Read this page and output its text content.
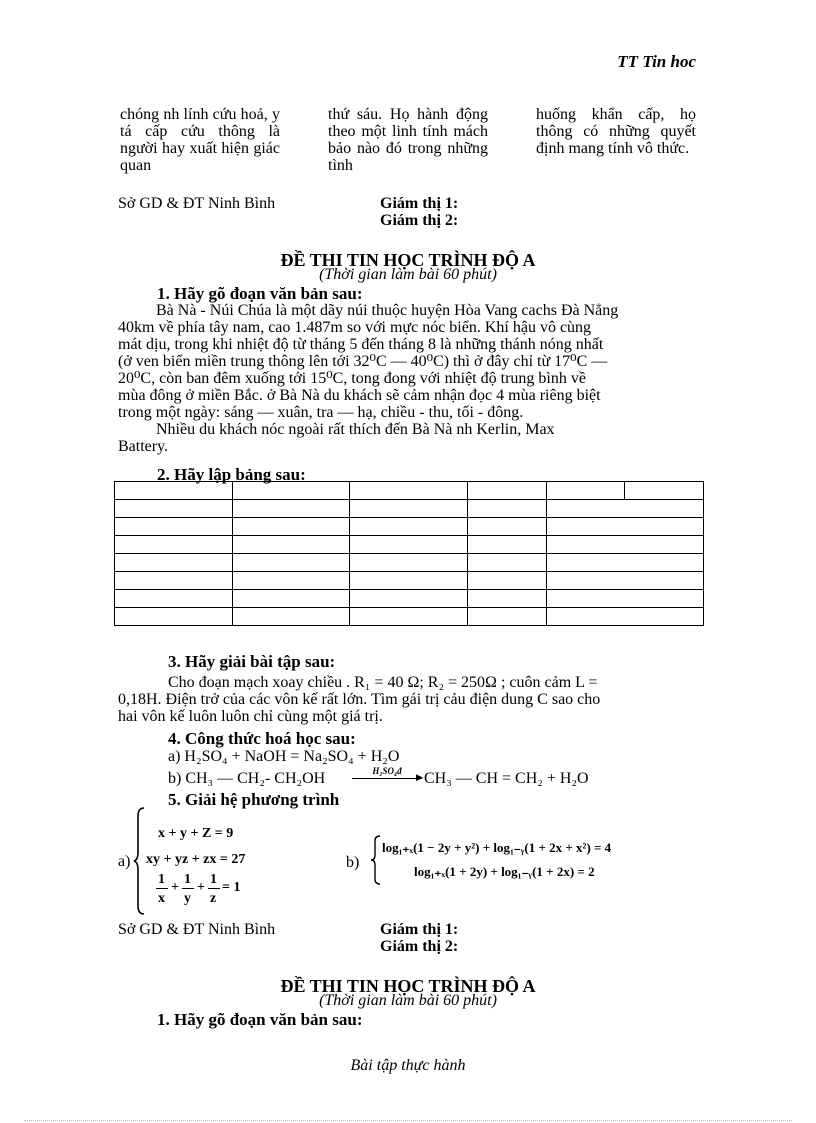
TT Tin hoc
chóng nh lính cứu hoả, y tá cấp cứu thông là người hay xuất hiện giác quan
thứ sáu. Họ hành động theo một linh tính mách bảo nào đó trong những tình
huống khẩn cấp, họ thông có những quyết định mang tính vô thức.
Sở GD & ĐT Ninh Bình	Giám thị 1:
Giám thị 2:
ĐỀ THI TIN HỌC TRÌNH ĐỘ A
(Thời gian làm bài 60 phút)
1. Hãy gõ đoạn văn bản sau:
Bà Nà - Núi Chúa là một dãy núi thuộc huyện Hòa Vang cachs Đà Nẳng
40km về phía tây nam, cao 1.487m so với mực nóc biển. Khí hậu vô cùng
mát dịu, trong khi nhiệt độ từ tháng 5 đến tháng 8 là những thánh nóng nhất
(ở ven biển miền trung thông lên tới 32⁰C — 40⁰C) thì ở đây chỉ từ 17⁰C —
20⁰C, còn ban đêm xuống tới 15⁰C, tong đong với nhiệt độ trung bình về
mùa đông ở miền Bắc. ở Bà Nà du khách sẽ cảm nhận đọc 4 mùa riêng biệt
trong một ngày: sáng — xuân, tra — hạ, chiều - thu, tối - đông.
Nhiều du khách nóc ngoài rất thích đến Bà Nà nh Kerlin, Max
Battery.
2. Hãy lập bảng sau:

3. Hãy giải bài tập sau:
Cho đoạn mạch xoay chiều . R₁ = 40 Ω; R₂ = 250Ω ; cuôn cảm L =
0,18H. Điện trở của các vôn kế rất lớn. Tìm gái trị cảu điện dung C sao cho
hai vôn kế luôn luôn chỉ cùng một giá trị.
4. Công thức hoá học sau:
a) H₂SO₄ + NaOH = Na₂SO₄ + H₂O
b) CH₃ — CH₂- CH₂OH	H₂SO₄đ
▶ CH₃ — CH = CH₂ + H₂O
5. Giải hệ phương trình
a)
x + y + Z = 9
xy + yz + zx = 27
1
x
+
1
y
+
1
z
= 1
b)
log₁₊ₓ(1 − 2y + y²) + log₁₋ᵧ(1 + 2x + x²) = 4
log₁₊ₓ(1 + 2y) + log₁₋ᵧ(1 + 2x) = 2
Sở GD & ĐT Ninh Bình	Giám thị 1:
Giám thị 2:
ĐỀ THI TIN HỌC TRÌNH ĐỘ A
(Thời gian làm bài 60 phút)
1. Hãy gõ đoạn văn bản sau:
Bài tập thực hành
